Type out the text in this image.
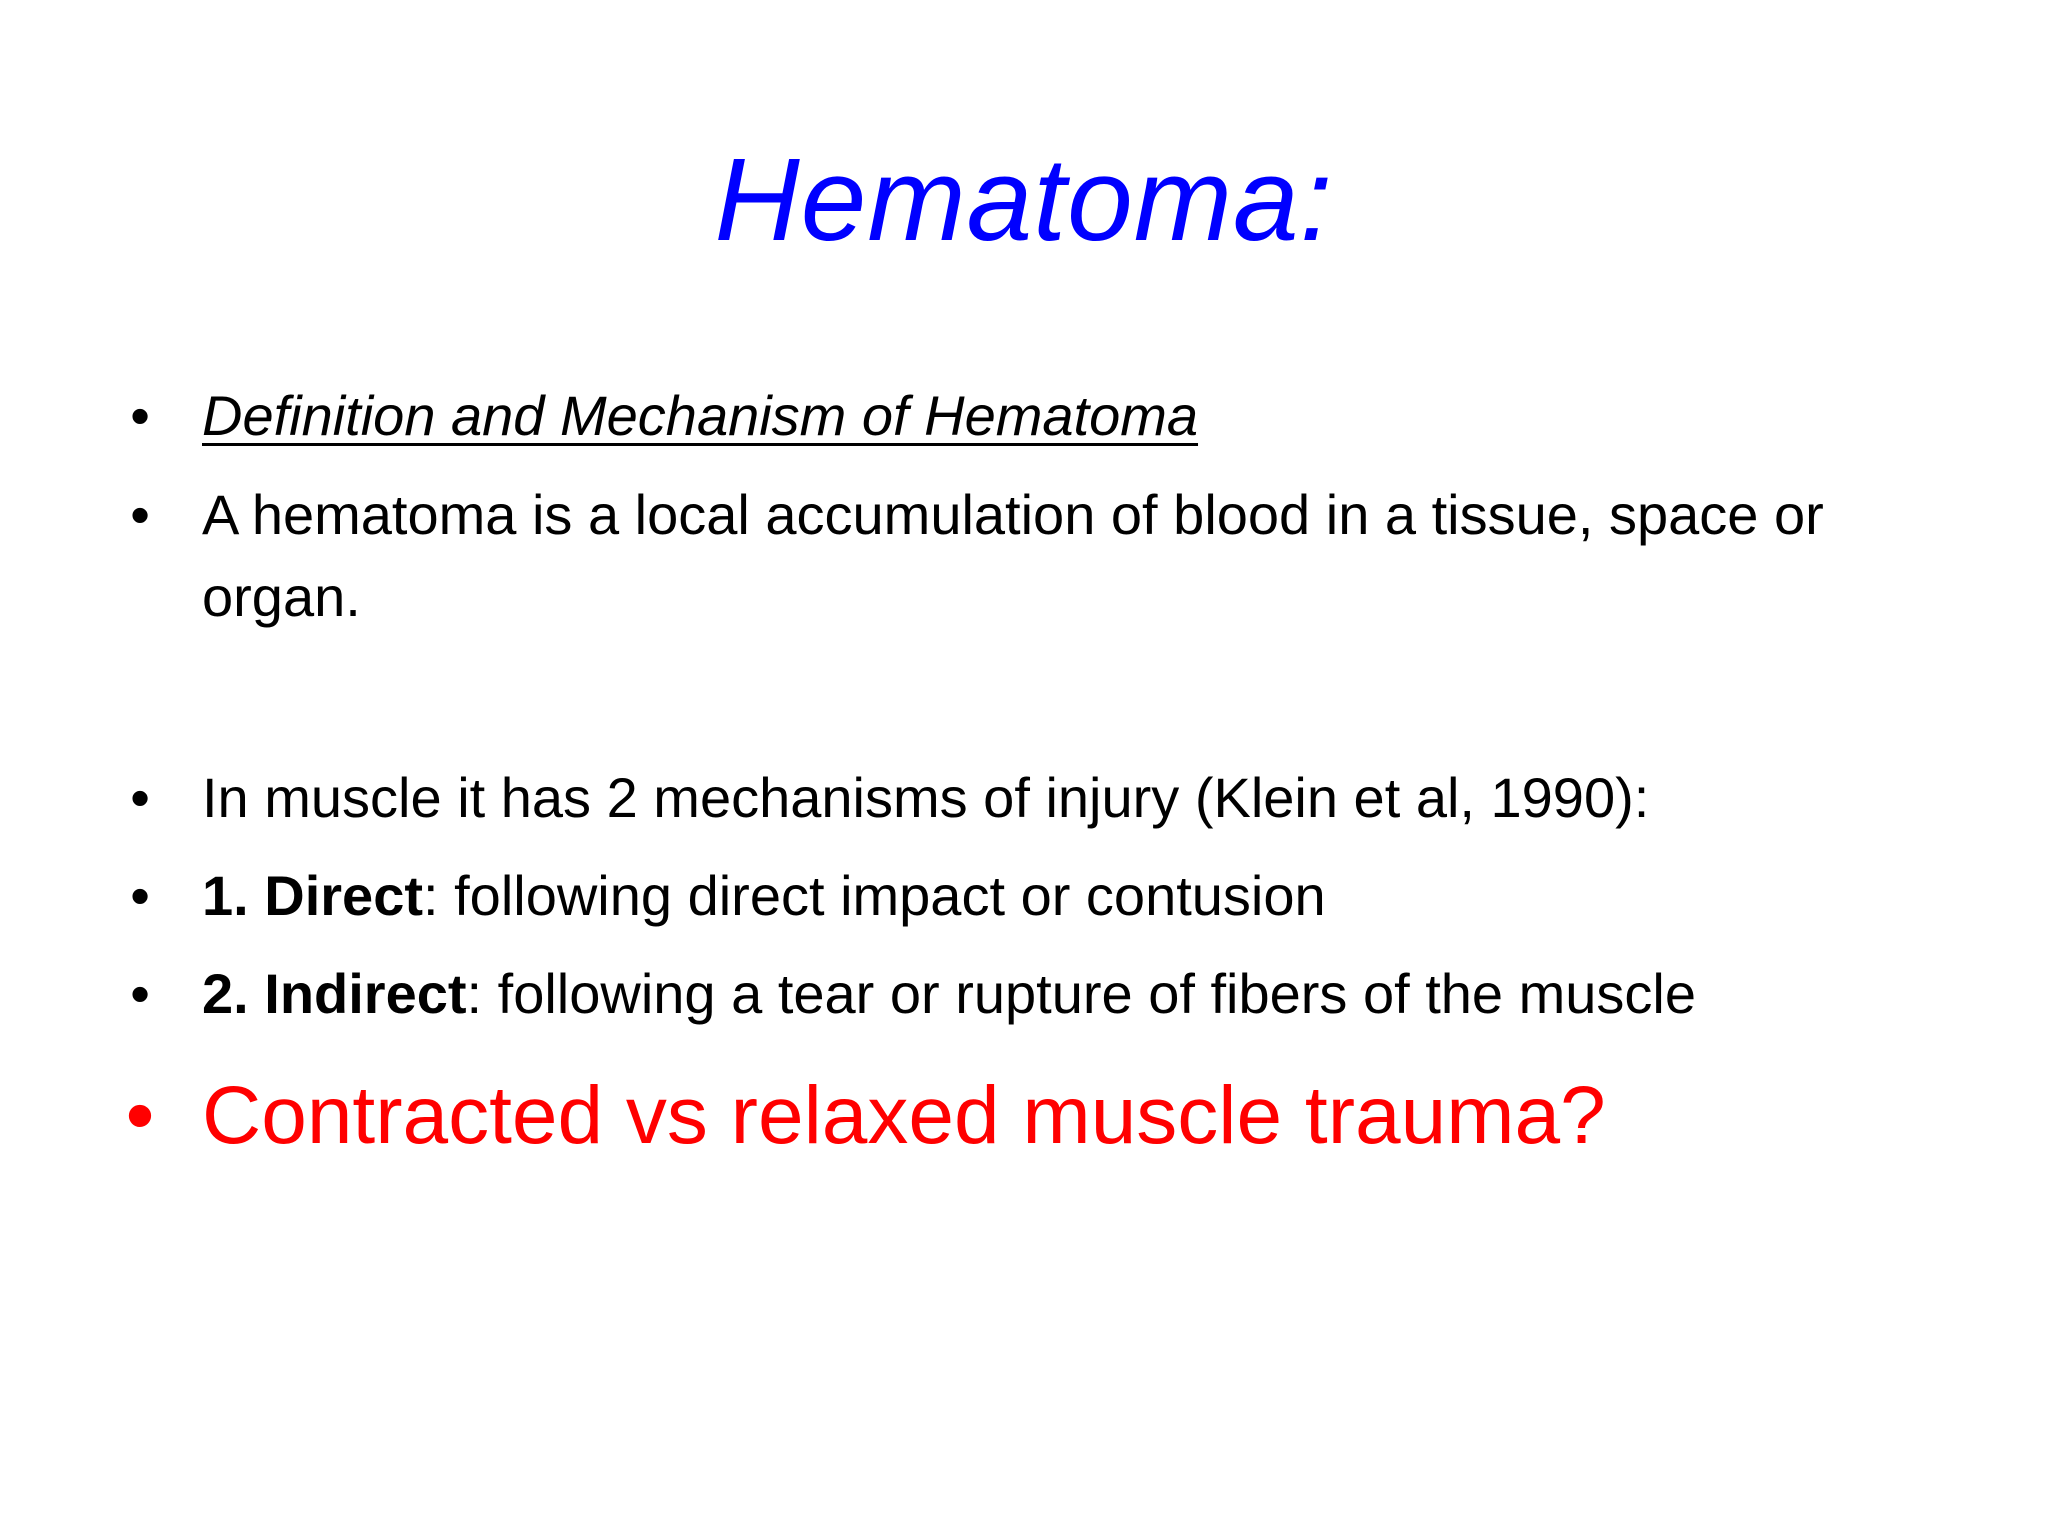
Hematoma:
• Definition and Mechanism of Hematoma
• A hematoma is a local accumulation of blood in a tissue, space or organ.
• In muscle it has 2 mechanisms of injury (Klein et al, 1990):
• 1. Direct: following direct impact or contusion
• 2. Indirect: following a tear or rupture of fibers of the muscle
• Contracted vs relaxed muscle trauma?
